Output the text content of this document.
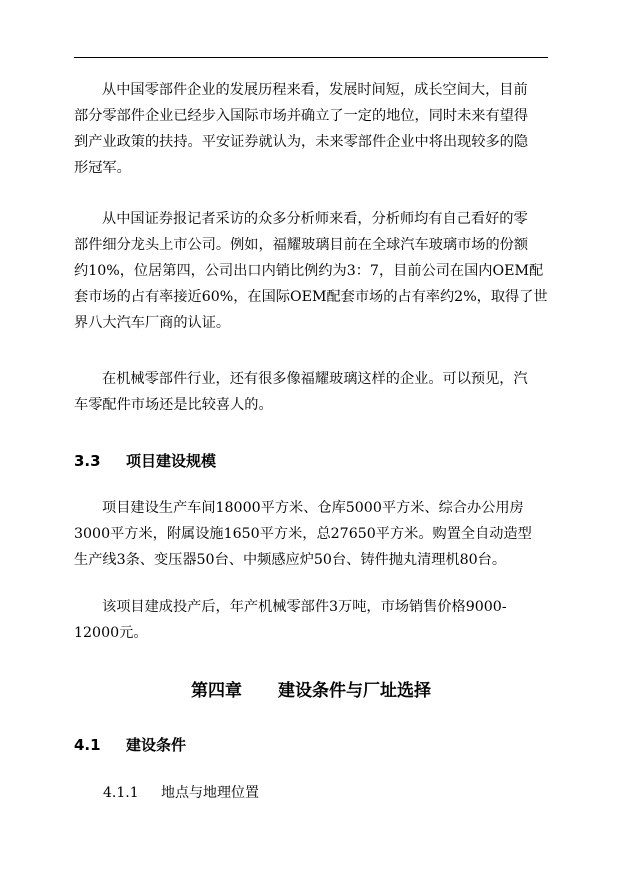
从中国零部件企业的发展历程来看，发展时间短，成长空间大，目前

部分零部件企业已经步入国际市场并确立了一定的地位，同时未来有望得

到产业政策的扶持。平安证券就认为，未来零部件企业中将出现较多的隐

形冠军。

从中国证券报记者采访的众多分析师来看，分析师均有自己看好的零

部件细分龙头上市公司。例如，福耀玻璃目前在全球汽车玻璃市场的份额

约10%，位居第四，公司出口内销比例约为3：7，目前公司在国内OEM配

套市场的占有率接近60%，在国际OEM配套市场的占有率约2%，取得了世

界八大汽车厂商的认证。

在机械零部件行业，还有很多像福耀玻璃这样的企业。可以预见，汽

车零配件市场还是比较喜人的。

3.3 项目建设规模

项目建设生产车间18000平方米、仓库5000平方米、综合办公用房

3000平方米，附属设施1650平方米，总27650平方米。购置全自动造型

生产线3条、变压器50台、中频感应炉50台、铸件抛丸清理机80台。

该项目建成投产后，年产机械零部件3万吨，市场销售价格9000-

12000元。

第四章 建设条件与厂址选择
4.1 建设条件
4.1.1 地点与地理位置
